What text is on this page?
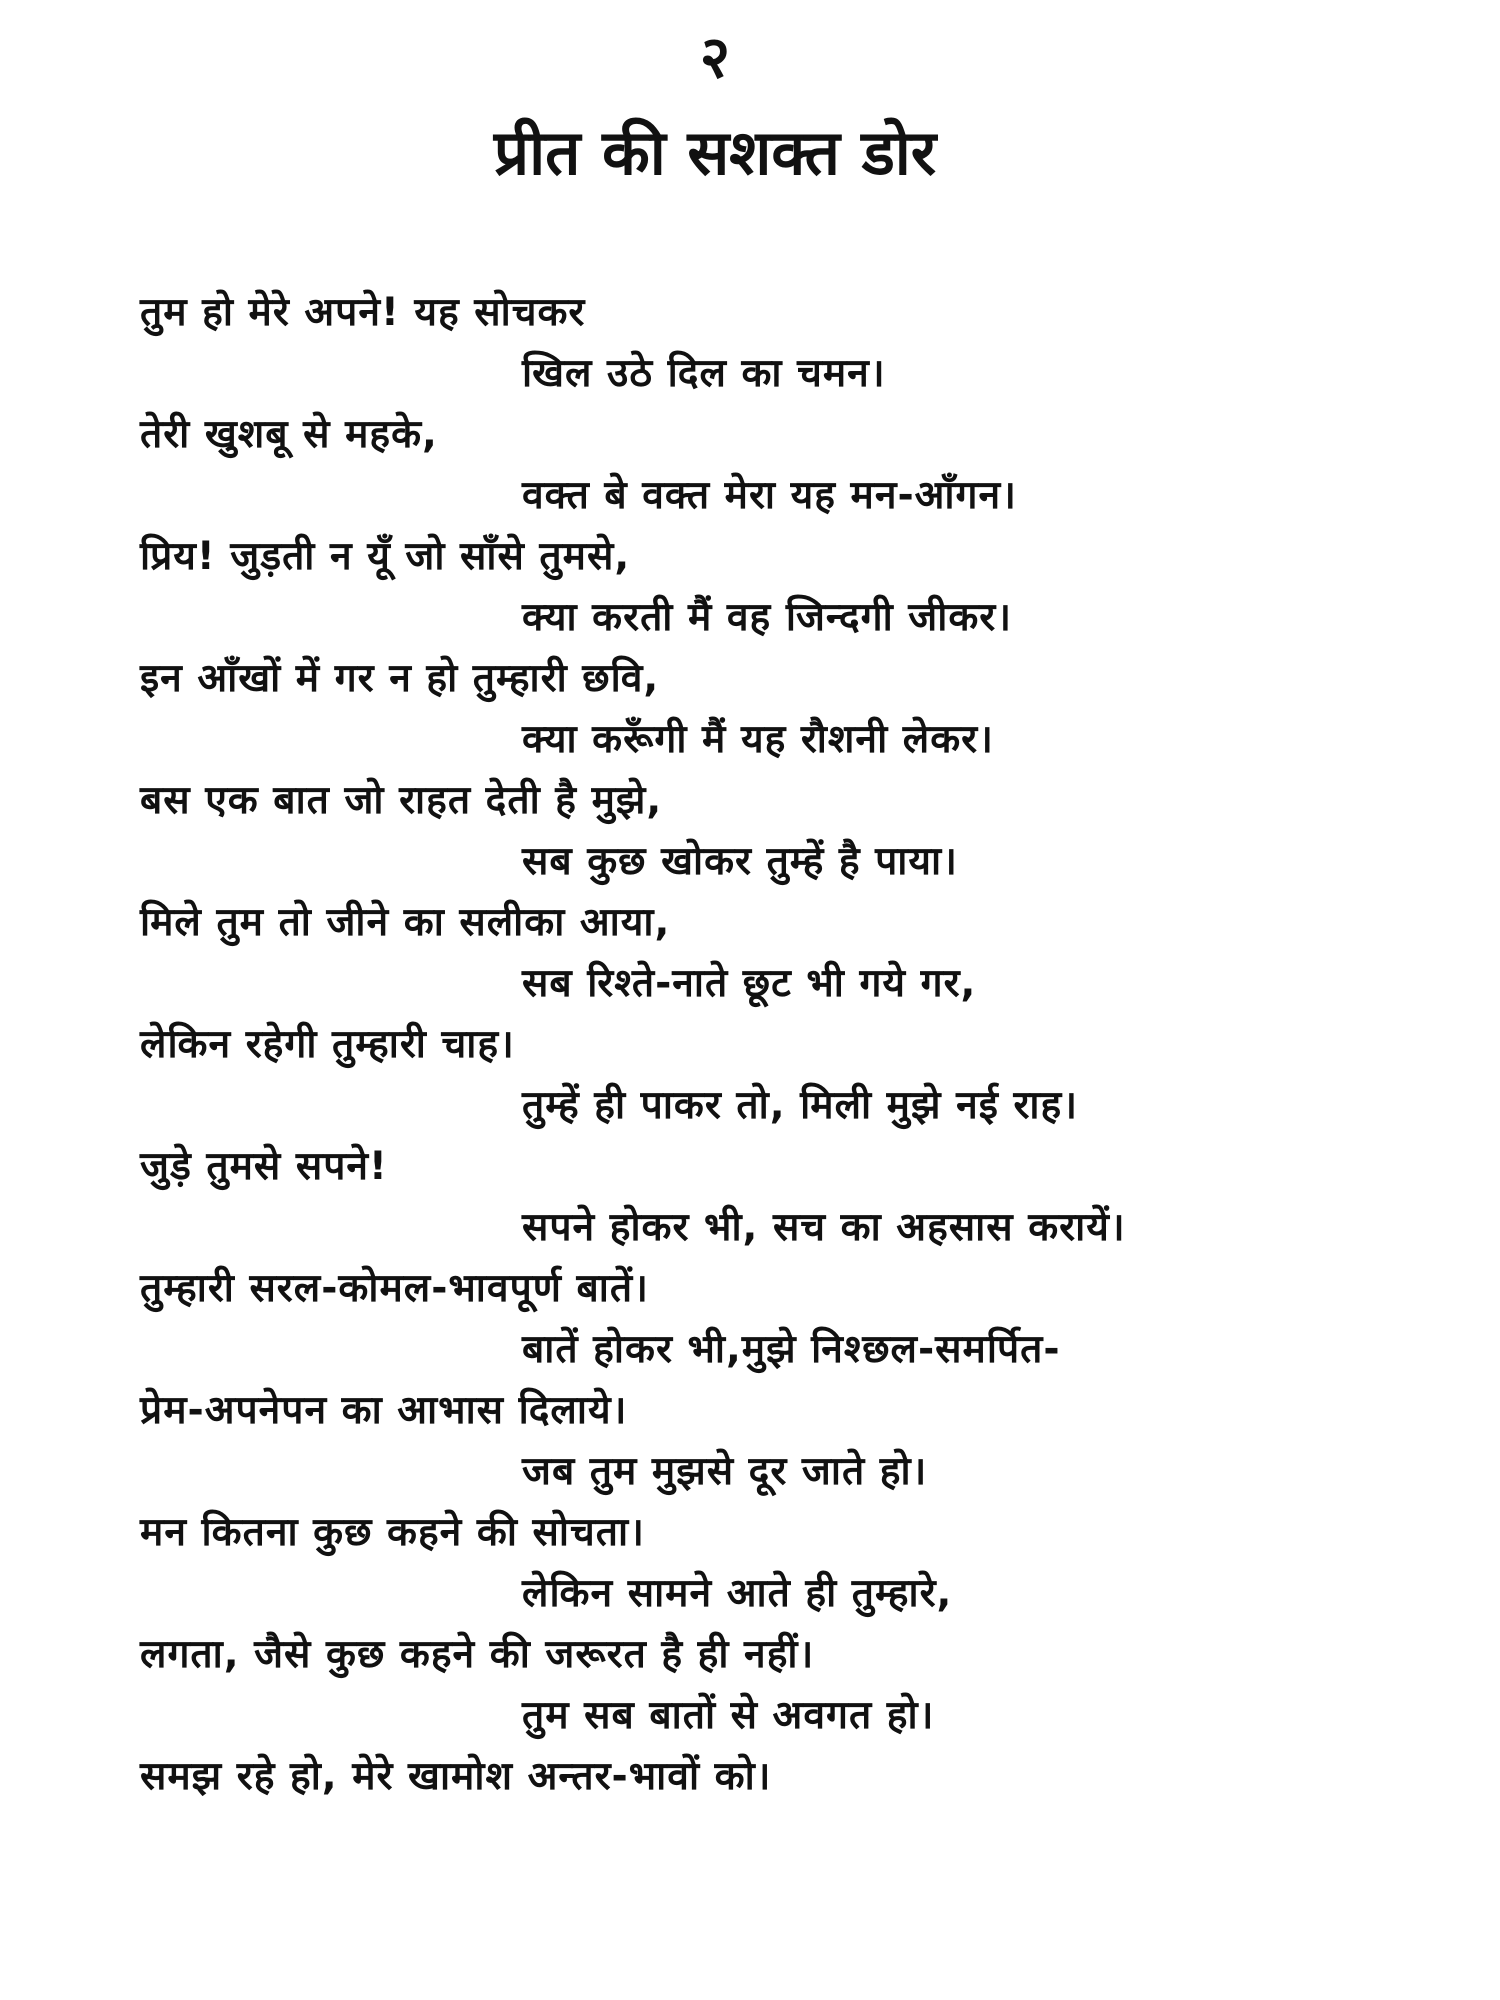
२
प्रीत की सशक्त डोर
तुम हो मेरे अपने! यह सोचकर
खिल उठे दिल का चमन।
तेरी खुशबू से महके,
वक्त बे वक्त मेरा यह मन-आँगन।
प्रिय! जुड़ती न यूँ जो साँसे तुमसे,
क्या करती मैं वह जिन्दगी जीकर।
इन आँखों में गर न हो तुम्हारी छवि,
क्या करूँगी मैं यह रौशनी लेकर।
बस एक बात जो राहत देती है मुझे,
सब कुछ खोकर तुम्हें है पाया।
मिले तुम तो जीने का सलीका आया,
सब रिश्ते-नाते छूट भी गये गर,
लेकिन रहेगी तुम्हारी चाह।
तुम्हें ही पाकर तो, मिली मुझे नई राह।
जुड़े तुमसे सपने!
सपने होकर भी, सच का अहसास करायें।
तुम्हारी सरल-कोमल-भावपूर्ण बातें।
बातें होकर भी,मुझे निश्छल-समर्पित-
प्रेम-अपनेपन का आभास दिलाये।
जब तुम मुझसे दूर जाते हो।
मन कितना कुछ कहने की सोचता।
लेकिन सामने आते ही तुम्हारे,
लगता, जैसे कुछ कहने की जरूरत है ही नहीं।
तुम सब बातों से अवगत हो।
समझ रहे हो, मेरे खामोश अन्तर-भावों को।
